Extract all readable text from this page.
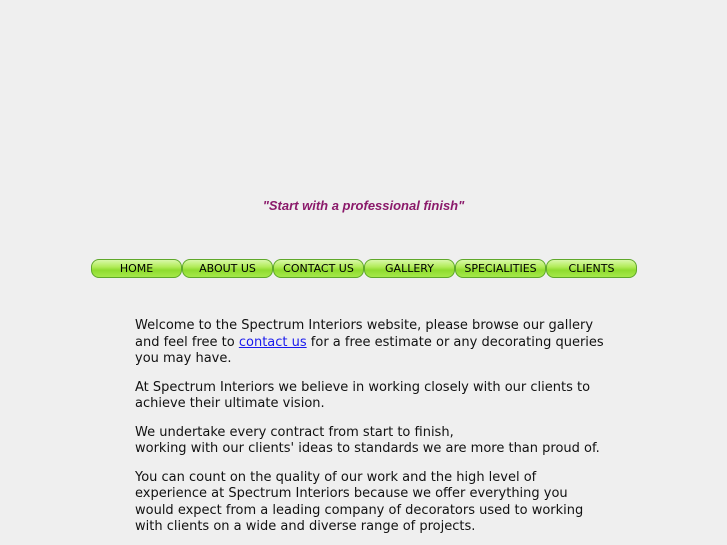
"Start with a professional finish"

HOME	ABOUT US	CONTACT US	GALLERY	SPECIALITIES	CLIENTS

Welcome to the Spectrum Interiors website, please browse our gallery and feel free to contact us for a free estimate or any decorating queries you may have.

At Spectrum Interiors we believe in working closely with our clients to achieve their ultimate vision.

We undertake every contract from start to finish,
working with our clients' ideas to standards we are more than proud of.

You can count on the quality of our work and the high level of experience at Spectrum Interiors because we offer everything you would expect from a leading company of decorators used to working with clients on a wide and diverse range of projects.
